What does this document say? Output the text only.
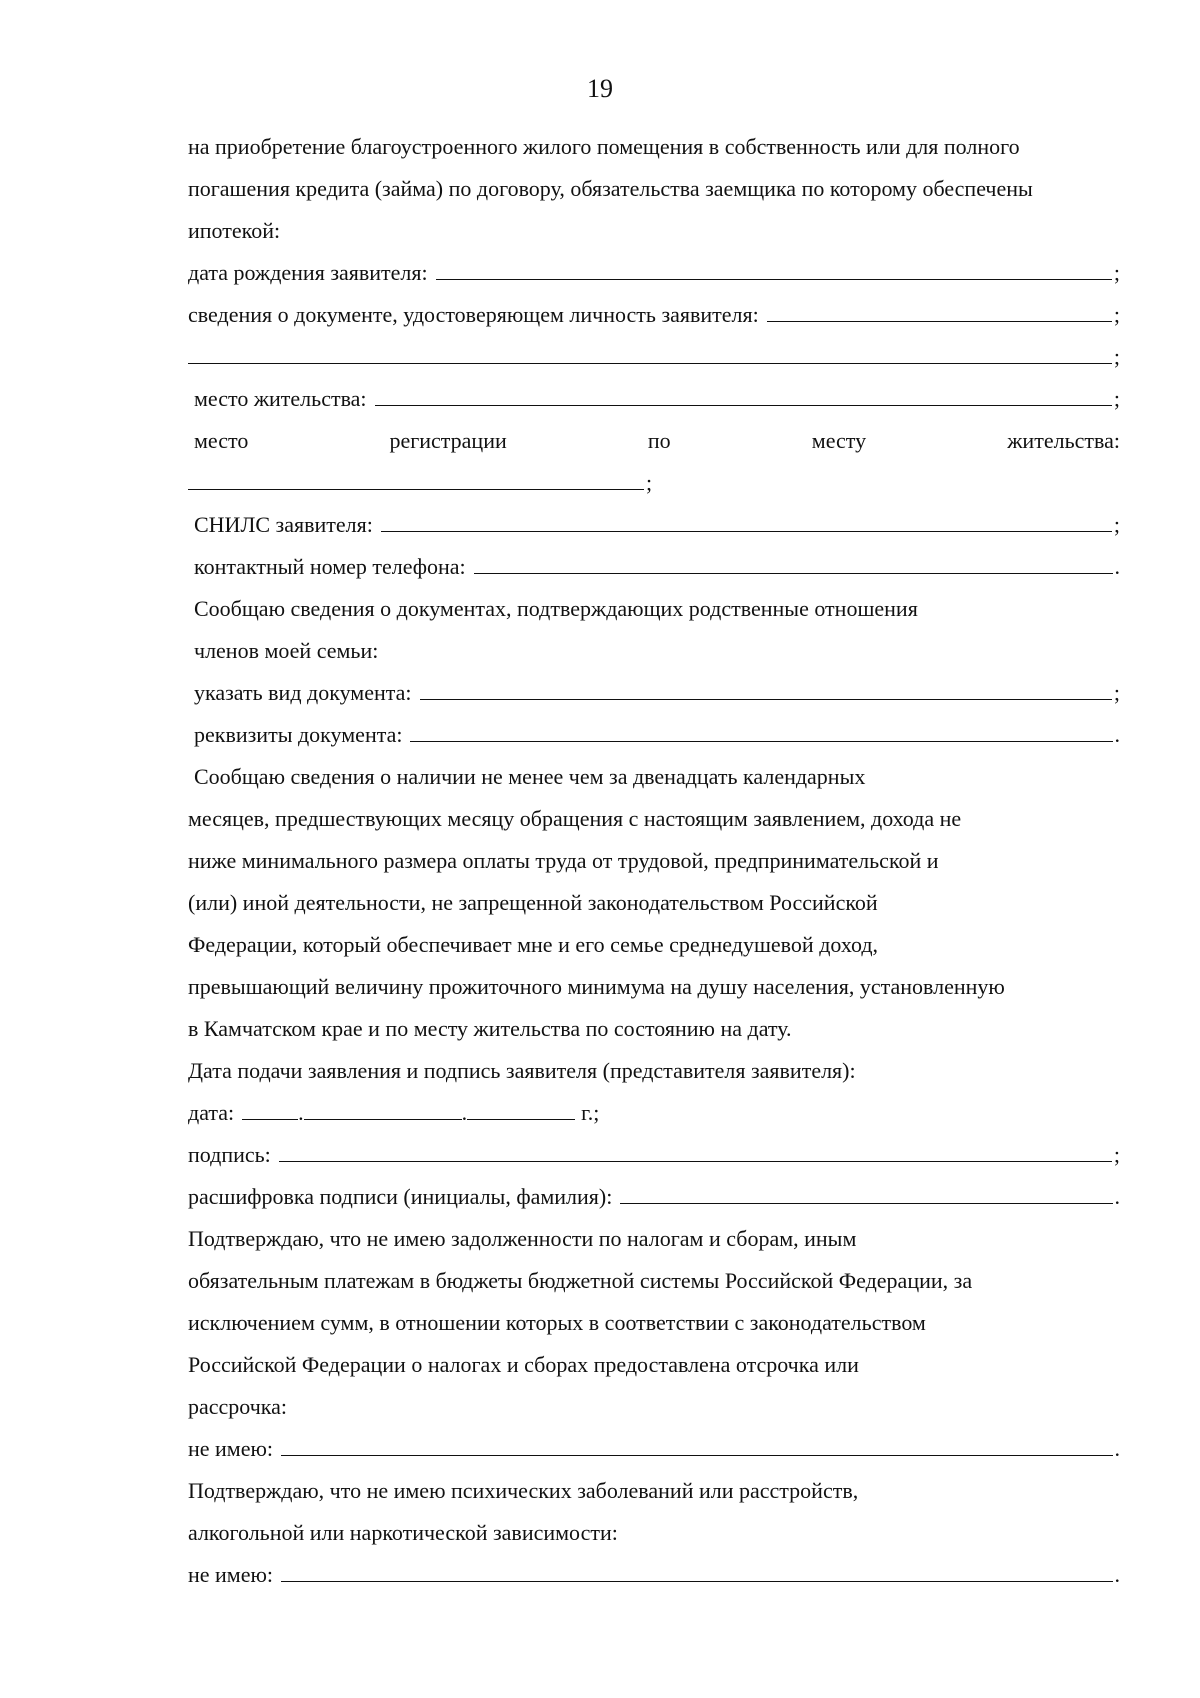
19
на приобретение благоустроенного жилого помещения в собственность или для полного
погашения кредита (займа) по договору, обязательства заемщика по которому обеспечены
ипотекой:
дата рождения заявителя:	;
сведения о документе, удостоверяющем личность заявителя:	;
;
место жительства:	;
место	регистрации	по	месту	жительства:
;
СНИЛС заявителя:	;
контактный номер телефона:	.
Сообщаю сведения о документах, подтверждающих родственные отношения
членов моей семьи:
указать вид документа:	;
реквизиты документа:	.
Сообщаю сведения о наличии не менее чем за двенадцать календарных
месяцев, предшествующих месяцу обращения с настоящим заявлением, дохода не
ниже минимального размера оплаты труда от трудовой, предпринимательской и
(или) иной деятельности, не запрещенной законодательством Российской
Федерации, который обеспечивает мне и его семье среднедушевой доход,
превышающий величину прожиточного минимума на душу населения, установленную
в Камчатском крае и по месту жительства по состоянию на дату.
Дата подачи заявления и подпись заявителя (представителя заявителя):
дата:	.	.	г.;
подпись:	;
расшифровка подписи (инициалы, фамилия):	.
Подтверждаю, что не имею задолженности по налогам и сборам, иным
обязательным платежам в бюджеты бюджетной системы Российской Федерации, за
исключением сумм, в отношении которых в соответствии с законодательством
Российской Федерации о налогах и сборах предоставлена отсрочка или
рассрочка:
не имею:	.
Подтверждаю, что не имею психических заболеваний или расстройств,
алкогольной или наркотической зависимости:
не имею:	.
